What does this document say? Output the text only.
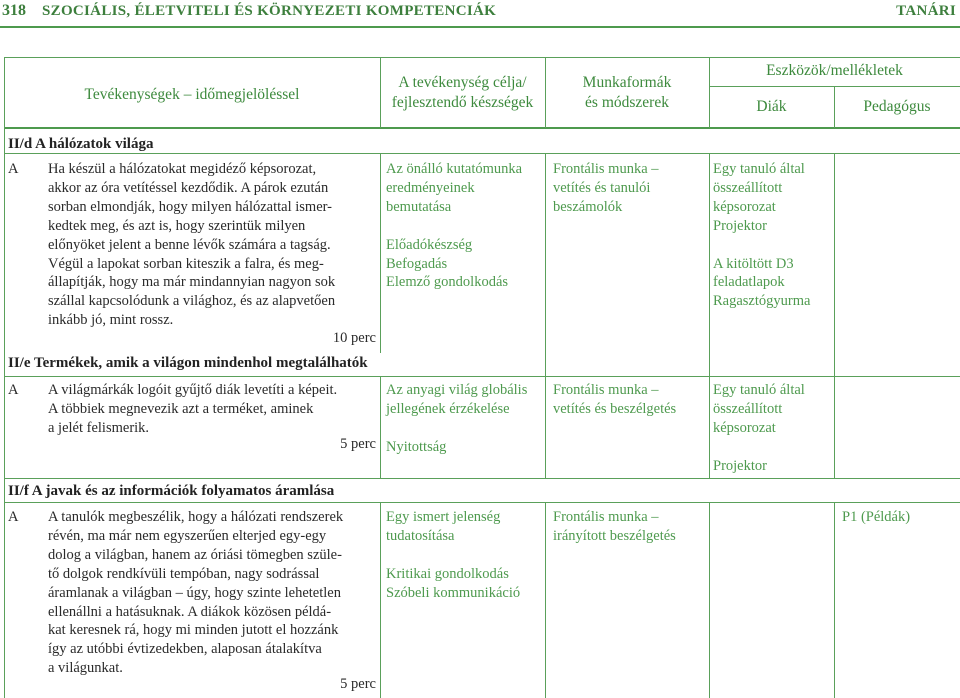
318 SZOCIÁLIS, ÉLETVITELI ÉS KÖRNYEZETI KOMPETENCIÁK	TANÁRI
Tevékenységek – időmegjelöléssel
A tevékenység célja/
fejlesztendő készségek
Munkaformák
és módszerek
Eszközök/mellékletek
Diák	Pedagógus
II/d A hálózatok világa
A Ha készül a hálózatokat megidéző képsorozat,
akkor az óra vetítéssel kezdődik. A párok ezután
sorban elmondják, hogy milyen hálózattal ismer-
kedtek meg, és azt is, hogy szerintük milyen
előnyöket jelent a benne lévők számára a tagság.
Végül a lapokat sorban kiteszik a falra, és meg-
állapítják, hogy ma már mindannyian nagyon sok
szállal kapcsolódunk a világhoz, és az alapvetően
inkább jó, mint rossz.
10 perc
Az önálló kutatómunka
eredményeinek
bemutatása
Előadókészség
Befogadás
Elemző gondolkodás
Frontális munka –
vetítés és tanulói
beszámolók
Egy tanuló által
összeállított
képsorozat
Projektor
A kitöltött D3
feladatlapok
Ragasztógyurma
II/e Termékek, amik a világon mindenhol megtalálhatók
A A világmárkák logóit gyűjtő diák levetíti a képeit.
A többiek megnevezik azt a terméket, aminek
a jelét felismerik.
5 perc
Az anyagi világ globális
jellegének érzékelése
Nyitottság
Frontális munka –
vetítés és beszélgetés
Egy tanuló által
összeállított
képsorozat
Projektor
II/f A javak és az információk folyamatos áramlása
A A tanulók megbeszélik, hogy a hálózati rendszerek
révén, ma már nem egyszerűen elterjed egy-egy
dolog a világban, hanem az óriási tömegben szüle-
tő dolgok rendkívüli tempóban, nagy sodrással
áramlanak a világban – úgy, hogy szinte lehetetlen
ellenállni a hatásuknak. A diákok közösen példá-
kat keresnek rá, hogy mi minden jutott el hozzánk
így az utóbbi évtizedekben, alaposan átalakítva
a világunkat.
5 perc
Egy ismert jelenség
tudatosítása
Kritikai gondolkodás
Szóbeli kommunikáció
Frontális munka –
irányított beszélgetés
P1 (Példák)
